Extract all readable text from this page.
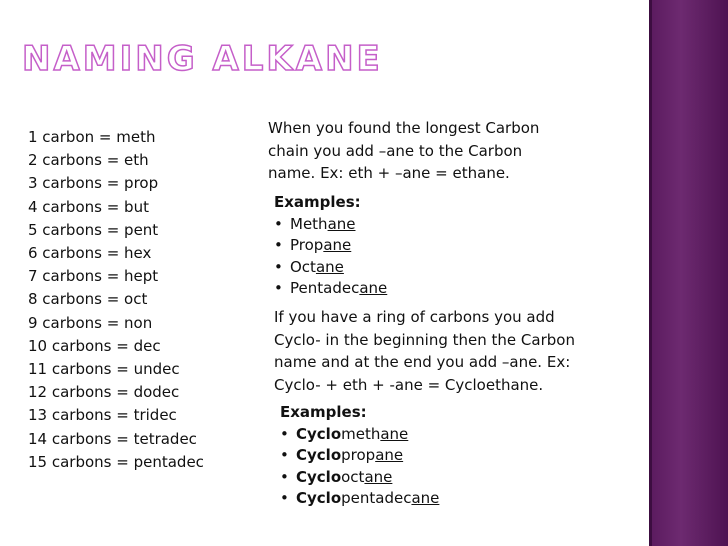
NAMING ALKANE
1 carbon = meth
2 carbons = eth
3 carbons = prop
4 carbons = but
5 carbons = pent
6 carbons = hex
7 carbons = hept
8 carbons = oct
9 carbons = non
10 carbons = dec
11 carbons = undec
12 carbons = dodec
13 carbons = tridec
14 carbons = tetradec
15 carbons = pentadec
When you found the longest Carbon
chain you add –ane to the Carbon
name. Ex: eth + –ane = ethane.
Examples:
• Methane
• Propane
• Octane
• Pentadecane
If you have a ring of carbons you add
Cyclo- in the beginning then the Carbon
name and at the end you add –ane. Ex:
Cyclo- + eth + -ane = Cycloethane.
Examples:
• Cyclomethane
• Cyclopropane
• Cyclooctane
• Cyclopentadecane
